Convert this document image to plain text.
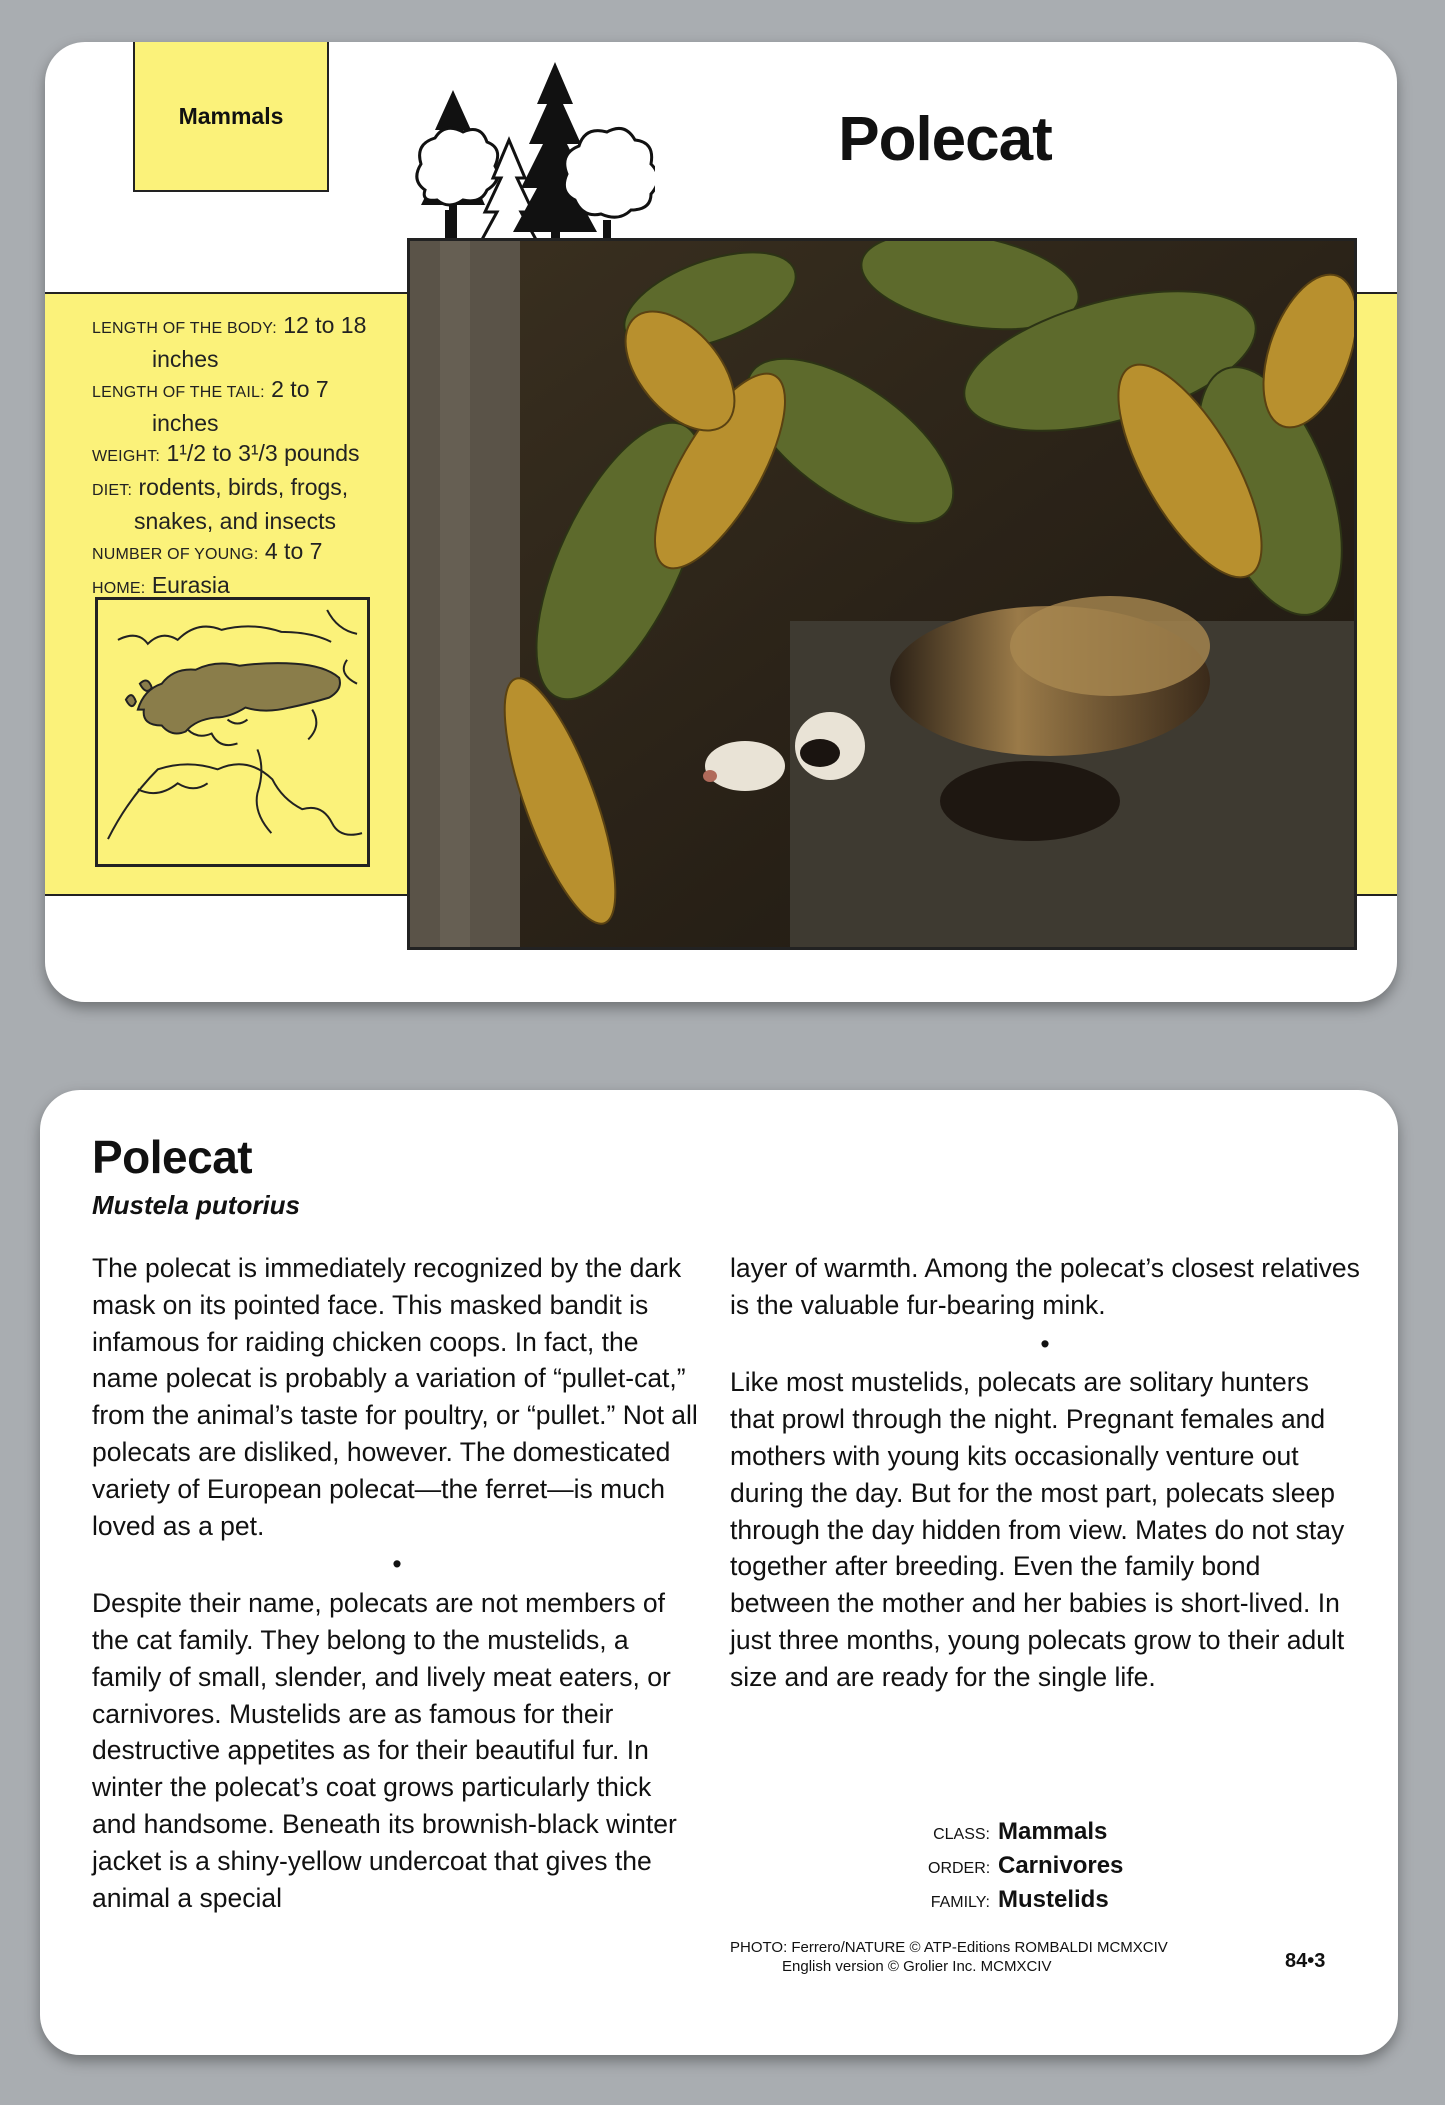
Mammals	Polecat

LENGTH OF THE BODY: 12 to 18
inches

LENGTH OF THE TAIL: 2 to 7
inches

WEIGHT: 1¹/2 to 3¹/3 pounds

DIET: rodents, birds, frogs,
snakes, and insects

NUMBER OF YOUNG: 4 to 7

HOME: Eurasia

Polecat
Mustela putorius

The polecat is immediately recognized by the dark mask on its pointed face. This masked bandit is infamous for raiding chicken coops. In fact, the name polecat is probably a variation of “pullet-cat,” from the animal’s taste for poultry, or “pullet.” Not all polecats are disliked, however. The domesticated variety of European polecat—the ferret—is much loved as a pet.

•

Despite their name, polecats are not members of the cat family. They belong to the mustelids, a family of small, slender, and lively meat eaters, or carnivores. Mustelids are as famous for their destructive appetites as for their beautiful fur. In winter the polecat’s coat grows particularly thick and handsome. Beneath its brownish-black winter jacket is a shiny-yellow undercoat that gives the animal a special

layer of warmth. Among the polecat’s closest relatives is the valuable fur-bearing mink.

•

Like most mustelids, polecats are solitary hunters that prowl through the night. Pregnant females and mothers with young kits occasionally venture out during the day. But for the most part, polecats sleep through the day hidden from view. Mates do not stay together after breeding. Even the family bond between the mother and her babies is short-lived. In just three months, young polecats grow to their adult size and are ready for the single life.

CLASS: Mammals
ORDER: Carnivores
FAMILY: Mustelids
PHOTO: Ferrero/NATURE © ATP-Editions ROMBALDI MCMXCIV
English version © Grolier Inc. MCMXCIV	84•3
